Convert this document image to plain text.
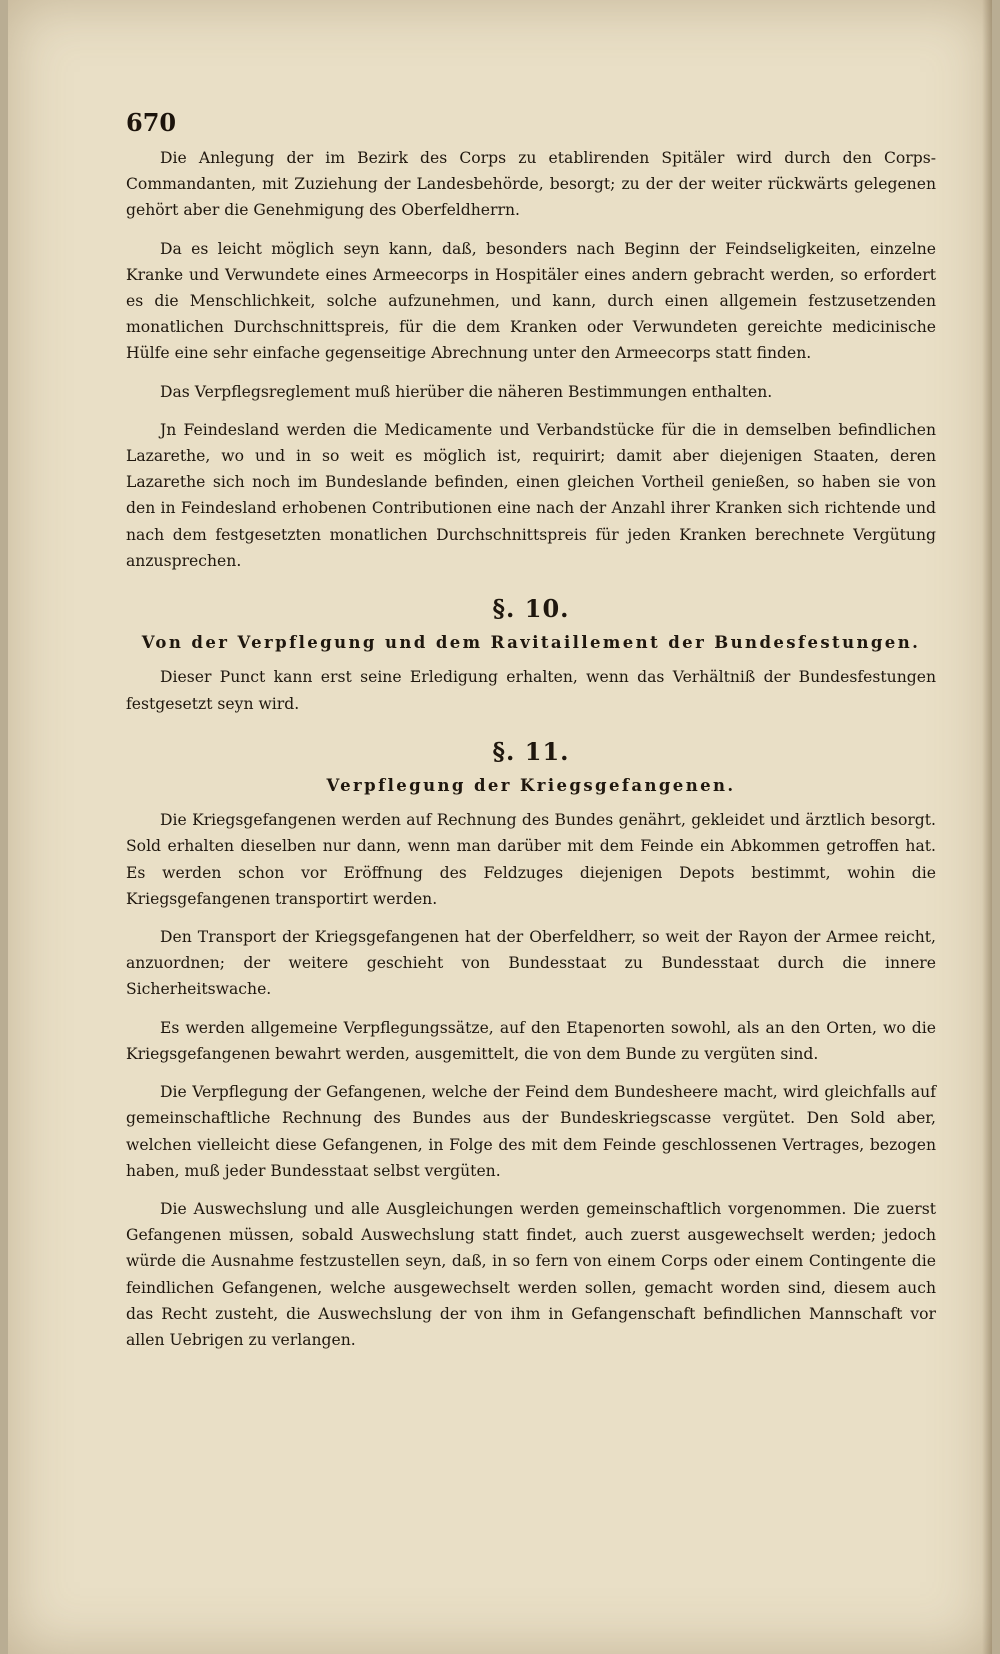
670

Die Anlegung der im Bezirk des Corps zu etablirenden Spitäler wird durch den Corps-Commandanten, mit Zuziehung der Landesbehörde, besorgt; zu der der weiter rückwärts gelegenen gehört aber die Genehmigung des Oberfeldherrn.

Da es leicht möglich seyn kann, daß, besonders nach Beginn der Feindseligkeiten, einzelne Kranke und Verwundete eines Armeecorps in Hospitäler eines andern gebracht werden, so erfordert es die Menschlichkeit, solche aufzunehmen, und kann, durch einen allgemein festzusetzenden monatlichen Durchschnittspreis, für die dem Kranken oder Verwundeten gereichte medicinische Hülfe eine sehr einfache gegenseitige Abrechnung unter den Armeecorps statt finden.

Das Verpflegsreglement muß hierüber die näheren Bestimmungen enthalten.

Jn Feindesland werden die Medicamente und Verbandstücke für die in demselben befindlichen Lazarethe, wo und in so weit es möglich ist, requirirt; damit aber diejenigen Staaten, deren Lazarethe sich noch im Bundeslande befinden, einen gleichen Vortheil genießen, so haben sie von den in Feindesland erhobenen Contributionen eine nach der Anzahl ihrer Kranken sich richtende und nach dem festgesetzten monatlichen Durchschnittspreis für jeden Kranken berechnete Vergütung anzusprechen.

§. 10.
Von der Verpflegung und dem Ravitaillement der Bundesfestungen.

Dieser Punct kann erst seine Erledigung erhalten, wenn das Verhältniß der Bundesfestungen festgesetzt seyn wird.

§. 11.
Verpflegung der Kriegsgefangenen.

Die Kriegsgefangenen werden auf Rechnung des Bundes genährt, gekleidet und ärztlich besorgt. Sold erhalten dieselben nur dann, wenn man darüber mit dem Feinde ein Abkommen getroffen hat. Es werden schon vor Eröffnung des Feldzuges diejenigen Depots bestimmt, wohin die Kriegsgefangenen transportirt werden.

Den Transport der Kriegsgefangenen hat der Oberfeldherr, so weit der Rayon der Armee reicht, anzuordnen; der weitere geschieht von Bundesstaat zu Bundesstaat durch die innere Sicherheitswache.

Es werden allgemeine Verpflegungssätze, auf den Etapenorten sowohl, als an den Orten, wo die Kriegsgefangenen bewahrt werden, ausgemittelt, die von dem Bunde zu vergüten sind.

Die Verpflegung der Gefangenen, welche der Feind dem Bundesheere macht, wird gleichfalls auf gemeinschaftliche Rechnung des Bundes aus der Bundeskriegscasse vergütet. Den Sold aber, welchen vielleicht diese Gefangenen, in Folge des mit dem Feinde geschlossenen Vertrages, bezogen haben, muß jeder Bundesstaat selbst vergüten.

Die Auswechslung und alle Ausgleichungen werden gemeinschaftlich vorgenommen. Die zuerst Gefangenen müssen, sobald Auswechslung statt findet, auch zuerst ausgewechselt werden; jedoch würde die Ausnahme festzustellen seyn, daß, in so fern von einem Corps oder einem Contingente die feindlichen Gefangenen, welche ausgewechselt werden sollen, gemacht worden sind, diesem auch das Recht zusteht, die Auswechslung der von ihm in Gefangenschaft befindlichen Mannschaft vor allen Uebrigen zu verlangen.
